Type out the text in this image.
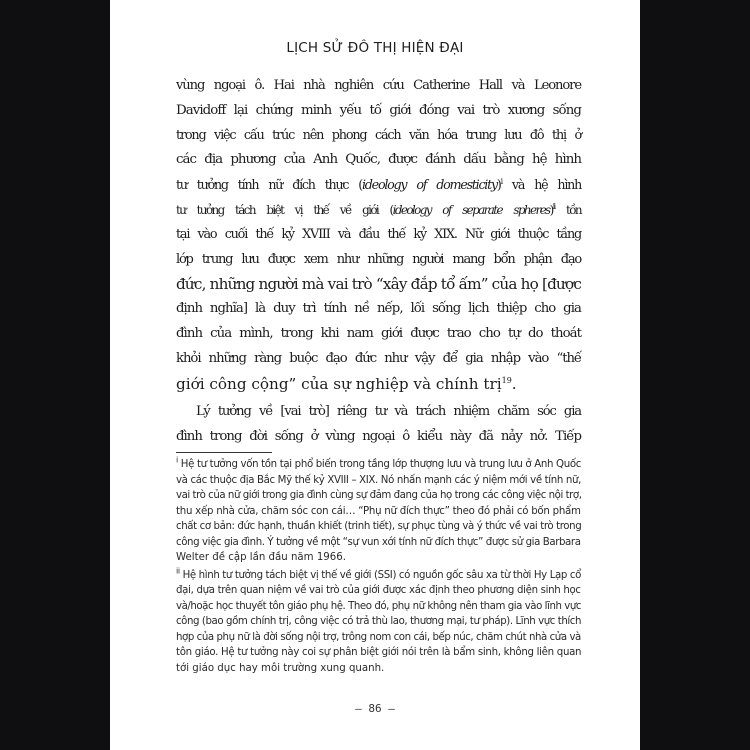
LỊCH SỬ ĐÔ THỊ HIỆN ĐẠI

vùng ngoại ô. Hai nhà nghiên cứu Catherine Hall và Leonore
Davidoff lại chứng minh yếu tố giới đóng vai trò xương sống
trong việc cấu trúc nên phong cách văn hóa trung lưu đô thị ở
các địa phương của Anh Quốc, được đánh dấu bằng hệ hình
tư tưởng tính nữ đích thực (ideology of domesticity)$^i$ và hệ hình
tư tưởng tách biệt vị thế về giới (ideology of separate spheres)$^{ii}$ tồn
tại vào cuối thế kỷ XVIII và đầu thế kỷ XIX. Nữ giới thuộc tầng
lớp trung lưu được xem như những người mang bổn phận đạo
đức, những người mà vai trò “xây đắp tổ ấm” của họ [được
định nghĩa] là duy trì tính nề nếp, lối sống lịch thiệp cho gia
đình của mình, trong khi nam giới được trao cho tự do thoát
khỏi những ràng buộc đạo đức như vậy để gia nhập vào “thế
giới công cộng” của sự nghiệp và chính trị$^{19}$.

Lý tưởng về [vai trò] riêng tư và trách nhiệm chăm sóc gia
đình trong đời sống ở vùng ngoại ô kiểu này đã nảy nở. Tiếp

$^i$ Hệ tư tưởng vốn tồn tại phổ biến trong tầng lớp thượng lưu và trung lưu ở Anh Quốc
và các thuộc địa Bắc Mỹ thế kỷ XVIII – XIX. Nó nhấn mạnh các ý niệm mới về tính nữ,
vai trò của nữ giới trong gia đình cùng sự đảm đang của họ trong các công việc nội trợ,
thu xếp nhà cửa, chăm sóc con cái… “Phụ nữ đích thực” theo đó phải có bốn phẩm
chất cơ bản: đức hạnh, thuần khiết (trinh tiết), sự phục tùng và ý thức về vai trò trong
công việc gia đình. Ý tưởng về một “sự vun xới tính nữ đích thực” được sử gia Barbara
Welter đề cập lần đầu năm 1966.
$^{ii}$ Hệ hình tư tưởng tách biệt vị thế về giới (SSI) có nguồn gốc sâu xa từ thời Hy Lạp cổ
đại, dựa trên quan niệm về vai trò của giới được xác định theo phương diện sinh học
và/hoặc học thuyết tôn giáo phụ hệ. Theo đó, phụ nữ không nên tham gia vào lĩnh vực
công (bao gồm chính trị, công việc có trả thù lao, thương mại, tư pháp). Lĩnh vực thích
hợp của phụ nữ là đời sống nội trợ, trông nom con cái, bếp núc, chăm chút nhà cửa và
tôn giáo. Hệ tư tưởng này coi sự phân biệt giới nói trên là bẩm sinh, không liên quan
tới giáo dục hay môi trường xung quanh.
– 86 –
